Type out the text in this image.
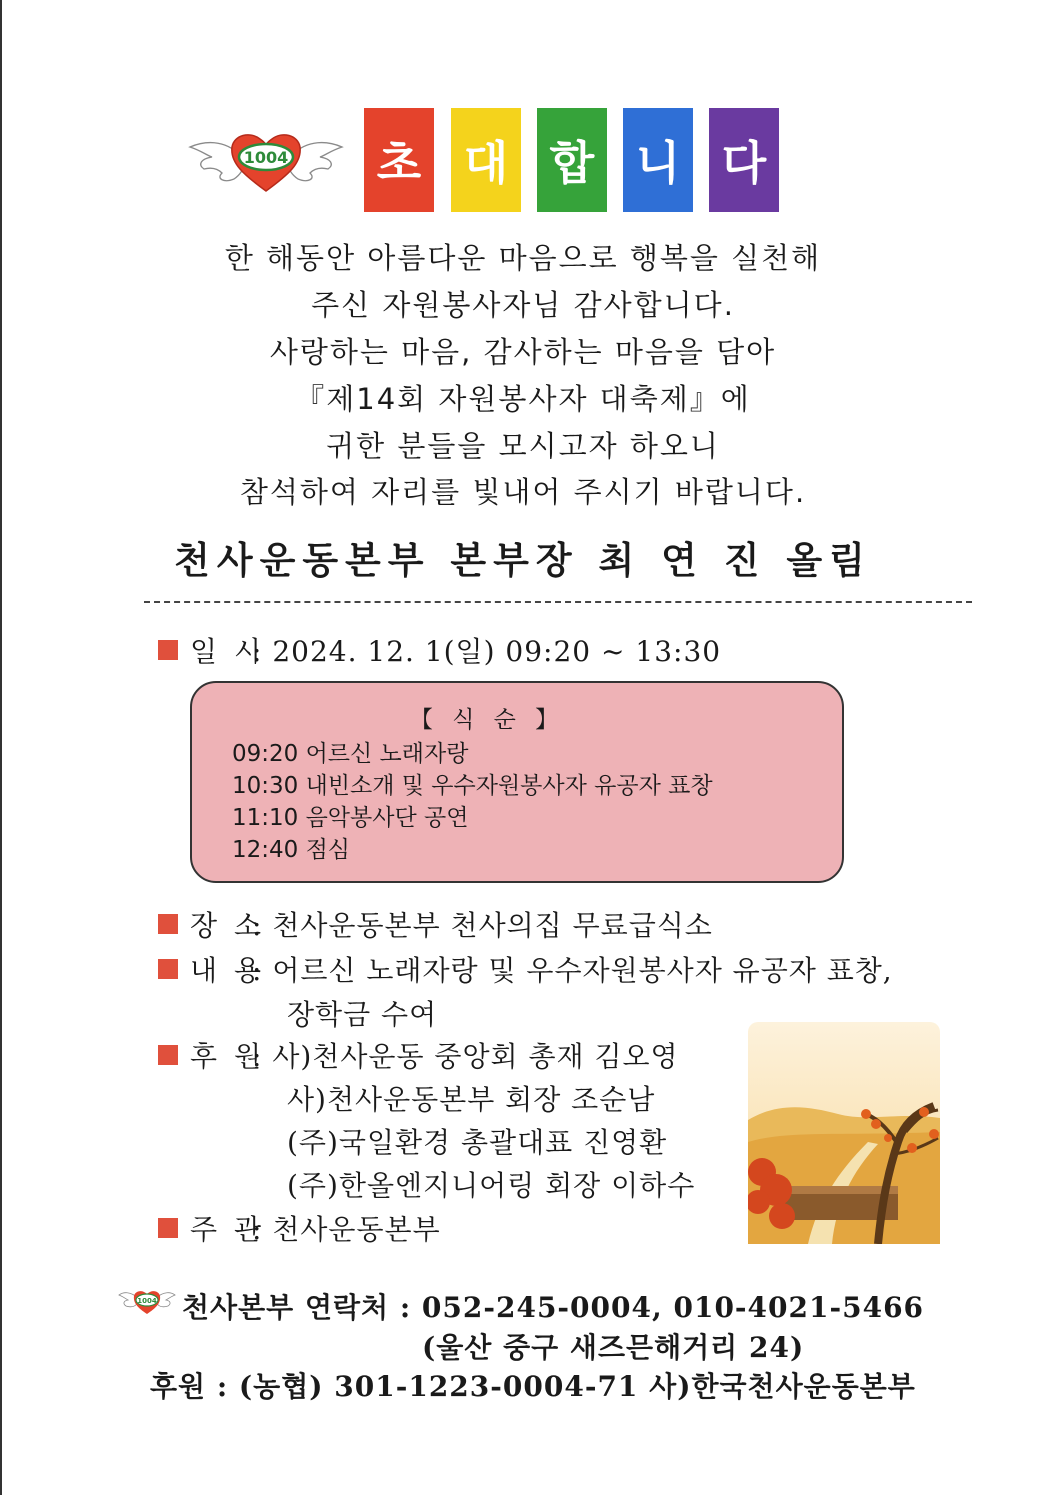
1004 초 대 합 니 다
한 해동안 아름다운 마음으로 행복을 실천해
주신 자원봉사자님 감사합니다.
사랑하는 마음, 감사하는 마음을 담아
『제14회 자원봉사자 대축제』에
귀한 분들을 모시고자 하오니
참석하여 자리를 빛내어 주시기 바랍니다.
천사운동본부 본부장 최 연 진 올림
일 시: 2024. 12. 1(일) 09:20 ~ 13:30
【 식 순 】
09:20 어르신 노래자랑
10:30 내빈소개 및 우수자원봉사자 유공자 표창
11:10 음악봉사단 공연
12:40 점심
장 소: 천사운동본부 천사의집 무료급식소
내 용: 어르신 노래자랑 및 우수자원봉사자 유공자 표창,
장학금 수여
후 원: 사)천사운동 중앙회 총재 김오영
사)천사운동본부 회장 조순남
(주)국일환경 총괄대표 진영환
(주)한올엔지니어링 회장 이하수
주 관: 천사운동본부
1004 천사본부 연락처 : 052-245-0004, 010-4021-5466
(울산 중구 새즈믄해거리 24)
후원 : (농협) 301-1223-0004-71 사)한국천사운동본부
